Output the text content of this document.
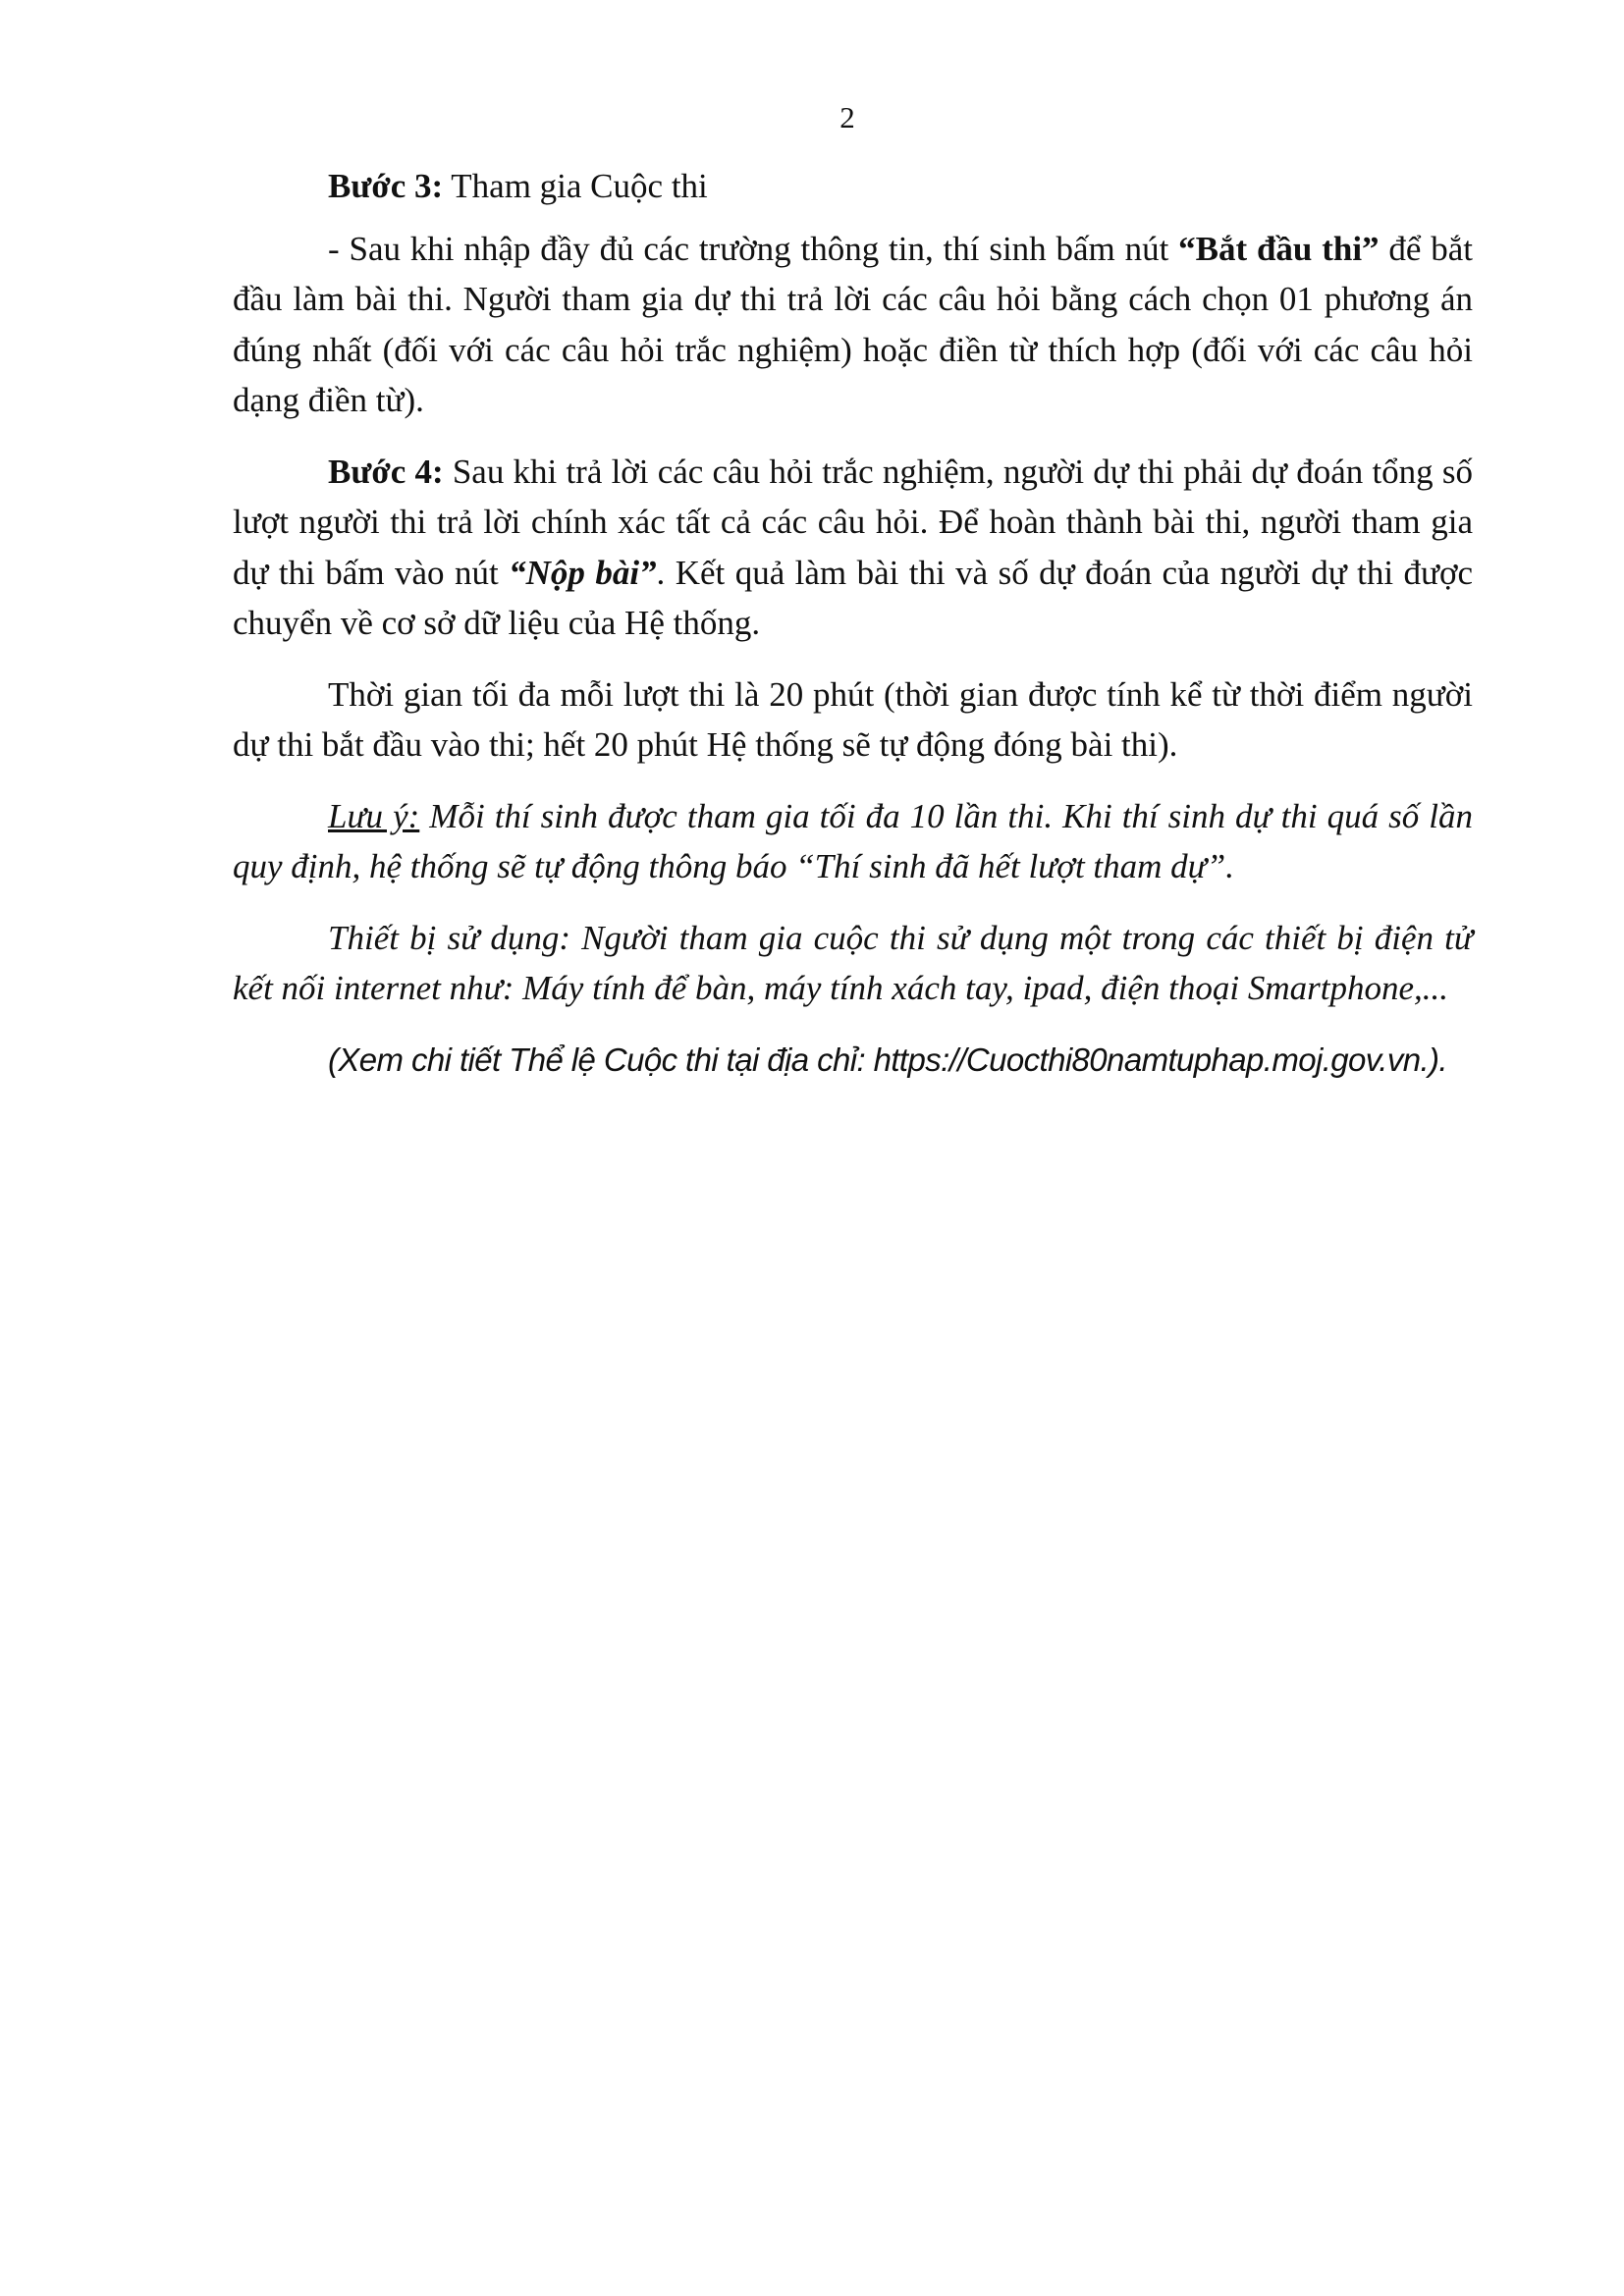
2

Bước 3: Tham gia Cuộc thi

- Sau khi nhập đầy đủ các trường thông tin, thí sinh bấm nút “Bắt đầu thi” để bắt đầu làm bài thi. Người tham gia dự thi trả lời các câu hỏi bằng cách chọn 01 phương án đúng nhất (đối với các câu hỏi trắc nghiệm) hoặc điền từ thích hợp (đối với các câu hỏi dạng điền từ).

Bước 4: Sau khi trả lời các câu hỏi trắc nghiệm, người dự thi phải dự đoán tổng số lượt người thi trả lời chính xác tất cả các câu hỏi. Để hoàn thành bài thi, người tham gia dự thi bấm vào nút “Nộp bài”. Kết quả làm bài thi và số dự đoán của người dự thi được chuyển về cơ sở dữ liệu của Hệ thống.

Thời gian tối đa mỗi lượt thi là 20 phút (thời gian được tính kể từ thời điểm người dự thi bắt đầu vào thi; hết 20 phút Hệ thống sẽ tự động đóng bài thi).

Lưu ý: Mỗi thí sinh được tham gia tối đa 10 lần thi. Khi thí sinh dự thi quá số lần quy định, hệ thống sẽ tự động thông báo “Thí sinh đã hết lượt tham dự”.

Thiết bị sử dụng: Người tham gia cuộc thi sử dụng một trong các thiết bị điện tử kết nối internet như: Máy tính để bàn, máy tính xách tay, ipad, điện thoại Smartphone,...

(Xem chi tiết Thể lệ Cuộc thi tại địa chỉ: https://Cuocthi80namtuphap.moj.gov.vn.).
